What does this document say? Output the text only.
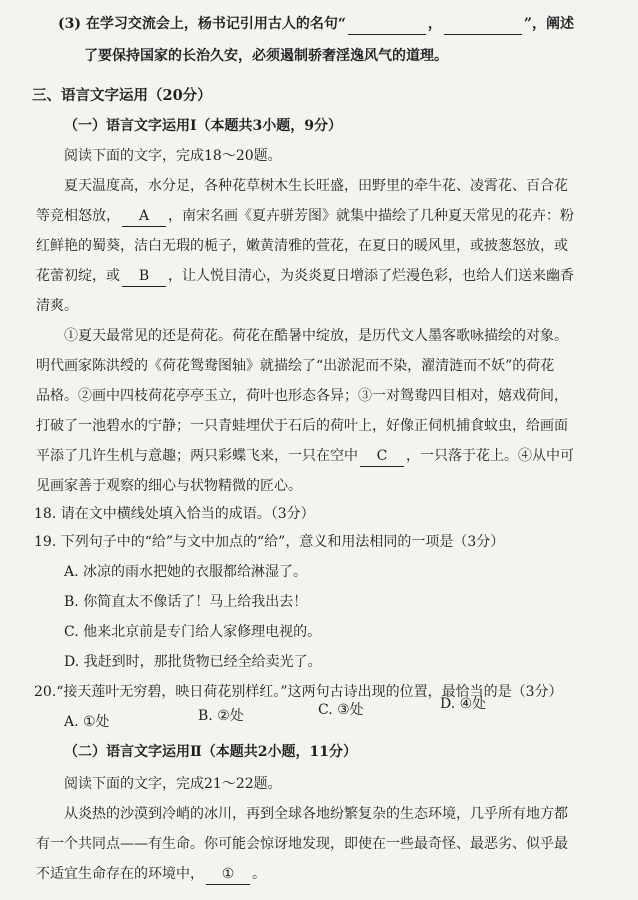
(3) 在学习交流会上，杨书记引用古人的名句“	，	”，阐述
了要保持国家的长治久安，必须遏制骄奢淫逸风气的道理。
三、语言文字运用（20分）
（一）语言文字运用Ⅰ（本题共3小题，9分）
阅读下面的文字，完成18～20题。
夏天温度高，水分足，各种花草树木生长旺盛，田野里的牵牛花、凌霄花、百合花
等竞相怒放， A ，南宋名画《夏卉骈芳图》就集中描绘了几种夏天常见的花卉：粉
红鲜艳的蜀葵，洁白无瑕的栀子，嫩黄清雅的萱花，在夏日的暖风里，或披葱怒放，或
花蕾初绽，或 B ，让人悦目清心，为炎炎夏日增添了烂漫色彩，也给人们送来幽香
清爽。
①夏天最常见的还是荷花。荷花在酷暑中绽放，是历代文人墨客歌咏描绘的对象。
明代画家陈洪绶的《荷花鸳鸯图轴》就描绘了“出淤泥而不染，濯清涟而不妖”的荷花
品格。②画中四枝荷花亭亭玉立，荷叶也形态各异；③一对鸳鸯四目相对，嬉戏荷间，
打破了一池碧水的宁静；一只青蛙埋伏于石后的荷叶上，好像正伺机捕食蚊虫，给画面
平添了几许生机与意趣；两只彩蝶飞来，一只在空中 C ，一只落于花上。④从中可
见画家善于观察的细心与状物精微的匠心。
18. 请在文中横线处填入恰当的成语。（3分）
19. 下列句子中的“给”与文中加点的“给”，意义和用法相同的一项是（3分）
A. 冰凉的雨水把她的衣服都给淋湿了。
B. 你简直太不像话了！马上给我出去！
C. 他来北京前是专门给人家修理电视的。
D. 我赶到时，那批货物已经全给卖光了。
20.“接天莲叶无穷碧，映日荷花别样红。”这两句古诗出现的位置，最恰当的是（3分）
A. ①处	B. ②处	C. ③处	D. ④处
（二）语言文字运用Ⅱ（本题共2小题，11分）
阅读下面的文字，完成21～22题。
从炎热的沙漠到冷峭的冰川，再到全球各地纷繁复杂的生态环境，几乎所有地方都
有一个共同点——有生命。你可能会惊讶地发现，即使在一些最奇怪、最恶劣、似乎最
不适宜生命存在的环境中， ① 。
